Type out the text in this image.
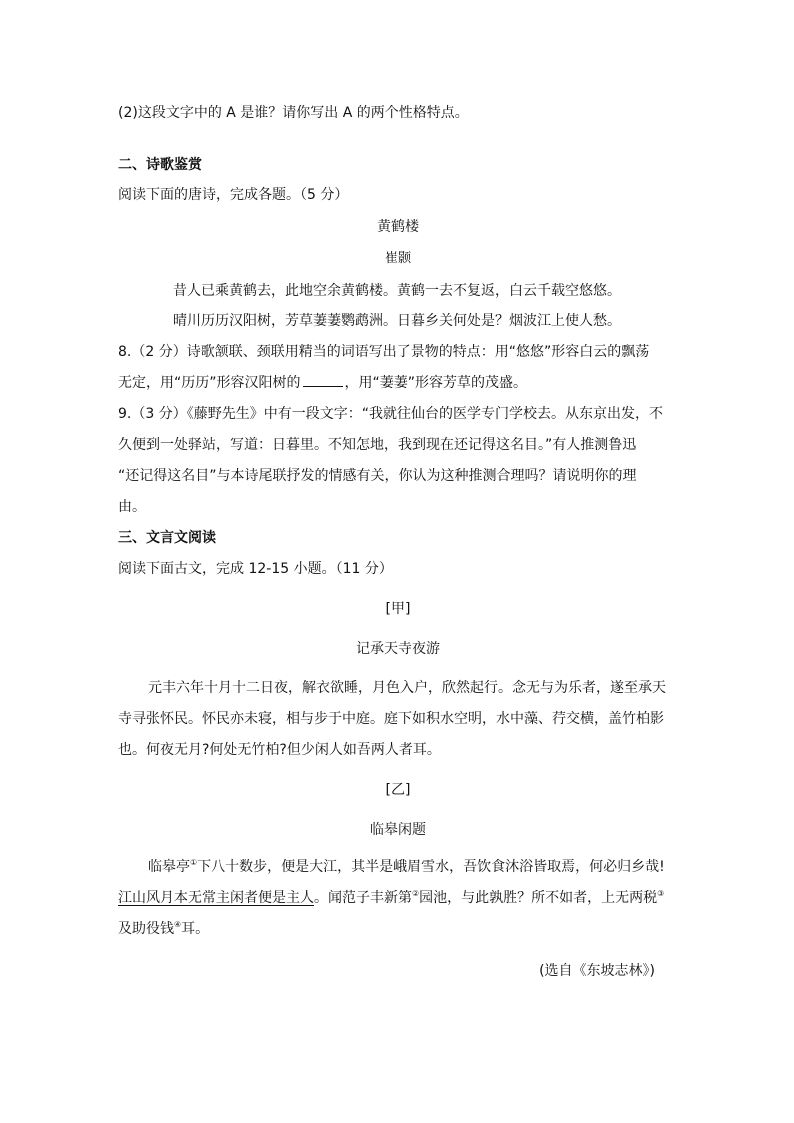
(2)这段文字中的 A 是谁？请你写出 A 的两个性格特点。
二、诗歌鉴赏
阅读下面的唐诗，完成各题。（5 分）
黄鹤楼
崔颢
昔人已乘黄鹤去，此地空余黄鹤楼。黄鹤一去不复返，白云千载空悠悠。
晴川历历汉阳树，芳草萋萋鹦鹉洲。日暮乡关何处是？烟波江上使人愁。
8.（2 分）诗歌颔联、颈联用精当的词语写出了景物的特点：用“悠悠”形容白云的飘荡
无定，用“历历”形容汉阳树的	，用“萋萋”形容芳草的茂盛。
9.（3 分）《藤野先生》中有一段文字：“我就往仙台的医学专门学校去。从东京出发，不
久便到一处驿站，写道：日暮里。不知怎地，我到现在还记得这名目。”有人推测鲁迅
“还记得这名目”与本诗尾联抒发的情感有关，你认为这种推测合理吗？请说明你的理
由。
三、文言文阅读
阅读下面古文，完成 12-15 小题。（11 分）
[甲]
记承天寺夜游
元丰六年十月十二日夜，解衣欲睡，月色入户，欣然起行。念无与为乐者，遂至承天
寺寻张怀民。怀民亦未寝，相与步于中庭。庭下如积水空明，水中藻、荇交横，盖竹柏影
也。何夜无月?何处无竹柏?但少闲人如吾两人者耳。
[乙]
临皋闲题
临皋亭①下八十数步，便是大江，其半是峨眉雪水，吾饮食沐浴皆取焉，何必归乡哉!
江山风月本无常主闲者便是主人。闻范子丰新第②园池，与此孰胜？所不如者，上无两税③
及助役钱④耳。
(选自《东坡志林》)
